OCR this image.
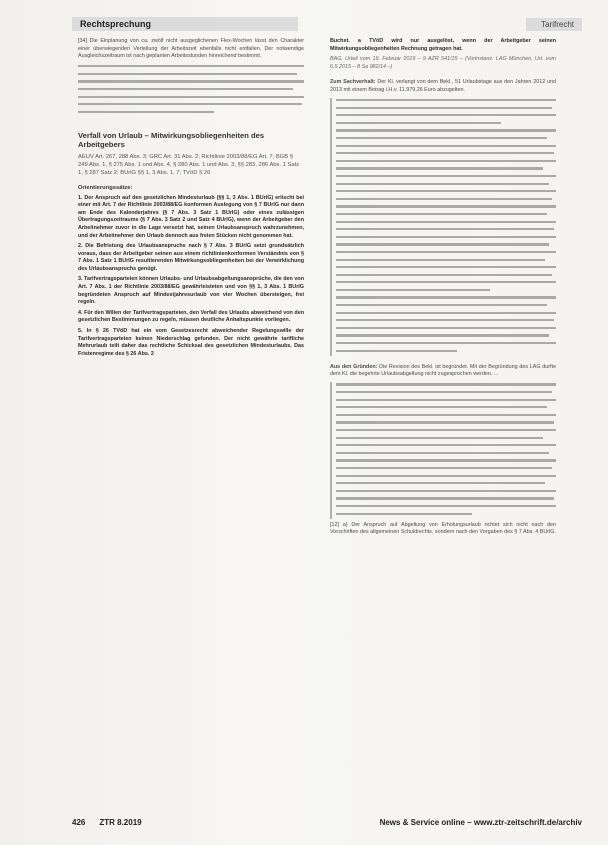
Rechtsprechung	Tarifrecht

[34] Die Einplanung von ca. zwölf nicht ausgeglichenen Flex-Wochen lässt den Charakter einer überwiegenden Verteilung der Arbeitszeit ebenfalls nicht entfallen. Der notwendige Ausgleichszeitraum ist nach geplanten Arbeitsstunden hinreichend bestimmt.

Verfall von Urlaub – Mitwirkungsobliegenheiten des Arbeitgebers

AEUV Art. 267, 288 Abs. 3; GRC Art. 31 Abs. 2; Richtlinie 2003/88/EG Art. 7; BGB § 249 Abs. 1, § 275 Abs. 1 und Abs. 4, § 280 Abs. 1 und Abs. 3, §§ 283, 286 Abs. 1 Satz 1, § 287 Satz 2; BUrlG §§ 1, 3 Abs. 1, 7; TVöD § 26

Orientierungssätze:

1. Der Anspruch auf den gesetzlichen Mindesturlaub (§§ 1, 3 Abs. 1 BUrlG) erlischt bei einer mit Art. 7 der Richtlinie 2003/88/EG konformen Auslegung von § 7 BUrlG nur dann am Ende des Kalenderjahres (§ 7 Abs. 3 Satz 1 BUrlG) oder eines zulässigen Übertragungszeitraums (§ 7 Abs. 3 Satz 2 und Satz 4 BUrlG), wenn der Arbeitgeber den Arbeitnehmer zuvor in die Lage versetzt hat, seinen Urlaubsanspruch wahrzunehmen, und der Arbeitnehmer den Urlaub dennoch aus freien Stücken nicht genommen hat.

2. Die Befristung des Urlaubsanspruchs nach § 7 Abs. 3 BUrlG setzt grundsätzlich voraus, dass der Arbeitgeber seinen aus einem richtlinienkonformen Verständnis von § 7 Abs. 1 Satz 1 BUrlG resultierenden Mitwirkungsobliegenheiten bei der Verwirklichung des Urlaubsanspruchs genügt.

3. Tarifvertragsparteien können Urlaubs- und Urlaubsabgeltungsansprüche, die den von Art. 7 Abs. 1 der Richtlinie 2003/88/EG gewährleisteten und von §§ 1, 3 Abs. 1 BUrlG begründeten Anspruch auf Mindestjahresurlaub von vier Wochen übersteigen, frei regeln.

4. Für den Willen der Tarifvertragsparteien, den Verfall des Urlaubs abweichend von den gesetzlichen Bestimmungen zu regeln, müssen deutliche Anhaltspunkte vorliegen.

5. In § 26 TVöD hat ein vom Gesetzesrecht abweichender Regelungswille der Tarifvertragsparteien keinen Niederschlag gefunden. Der nicht gewährte tarifliche Mehrurlaub teilt daher das rechtliche Schicksal des gesetzlichen Mindesturlaubs. Das Fristenregime des § 26 Abs. 2

Buchst. a TVöD wird nur ausgelöst, wenn der Arbeitgeber seinen Mitwirkungsobliegenheiten Rechnung getragen hat.

BAG, Urteil vom 19. Februar 2019 – 9 AZR 541/15 – (Vorinstanz: LAG München, Urt. vom 6.5.2015 – 8 Sa 982/14 –)

Zum Sachverhalt: Der Kl. verlangt von dem Bekl., 51 Urlaubstage aus den Jahren 2012 und 2013 mit einem Betrag i.H.v. 11.979,26 Euro abzugelten.

Aus den Gründen: Die Revision des Bekl. ist begründet. Mit der Begründung des LAG durfte dem Kl. die begehrte Urlaubsabgeltung nicht zugesprochen werden. ...

[12] a) Der Anspruch auf Abgeltung von Erholungsurlaub richtet sich nicht nach den Vorschriften des allgemeinen Schuldrechts, sondern nach den Vorgaben des § 7 Abs. 4 BUrlG.

426 ZTR 8.2019	News & Service online – www.ztr-zeitschrift.de/archiv
